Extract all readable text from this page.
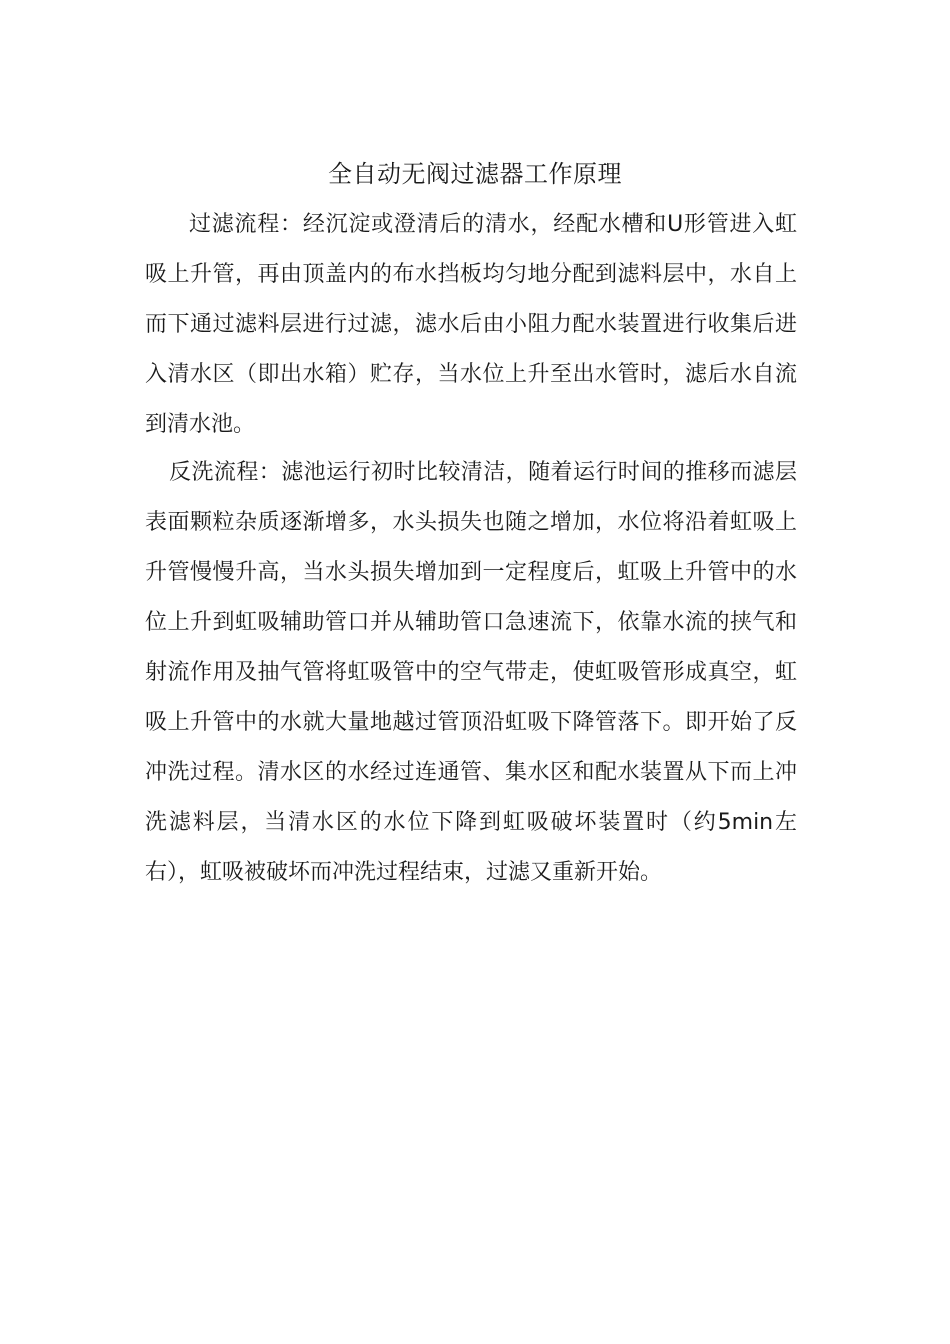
全自动无阀过滤器工作原理

过滤流程：经沉淀或澄清后的清水，经配水槽和U形管进入虹吸上升管，再由顶盖内的布水挡板均匀地分配到滤料层中，水自上而下通过滤料层进行过滤，滤水后由小阻力配水装置进行收集后进入清水区（即出水箱）贮存，当水位上升至出水管时，滤后水自流到清水池。

反洗流程：滤池运行初时比较清洁，随着运行时间的推移而滤层表面颗粒杂质逐渐增多，水头损失也随之增加，水位将沿着虹吸上升管慢慢升高，当水头损失增加到一定程度后，虹吸上升管中的水位上升到虹吸辅助管口并从辅助管口急速流下，依靠水流的挟气和射流作用及抽气管将虹吸管中的空气带走，使虹吸管形成真空，虹吸上升管中的水就大量地越过管顶沿虹吸下降管落下。即开始了反冲洗过程。清水区的水经过连通管、集水区和配水装置从下而上冲洗滤料层，当清水区的水位下降到虹吸破坏装置时（约5min左右），虹吸被破坏而冲洗过程结束，过滤又重新开始。
